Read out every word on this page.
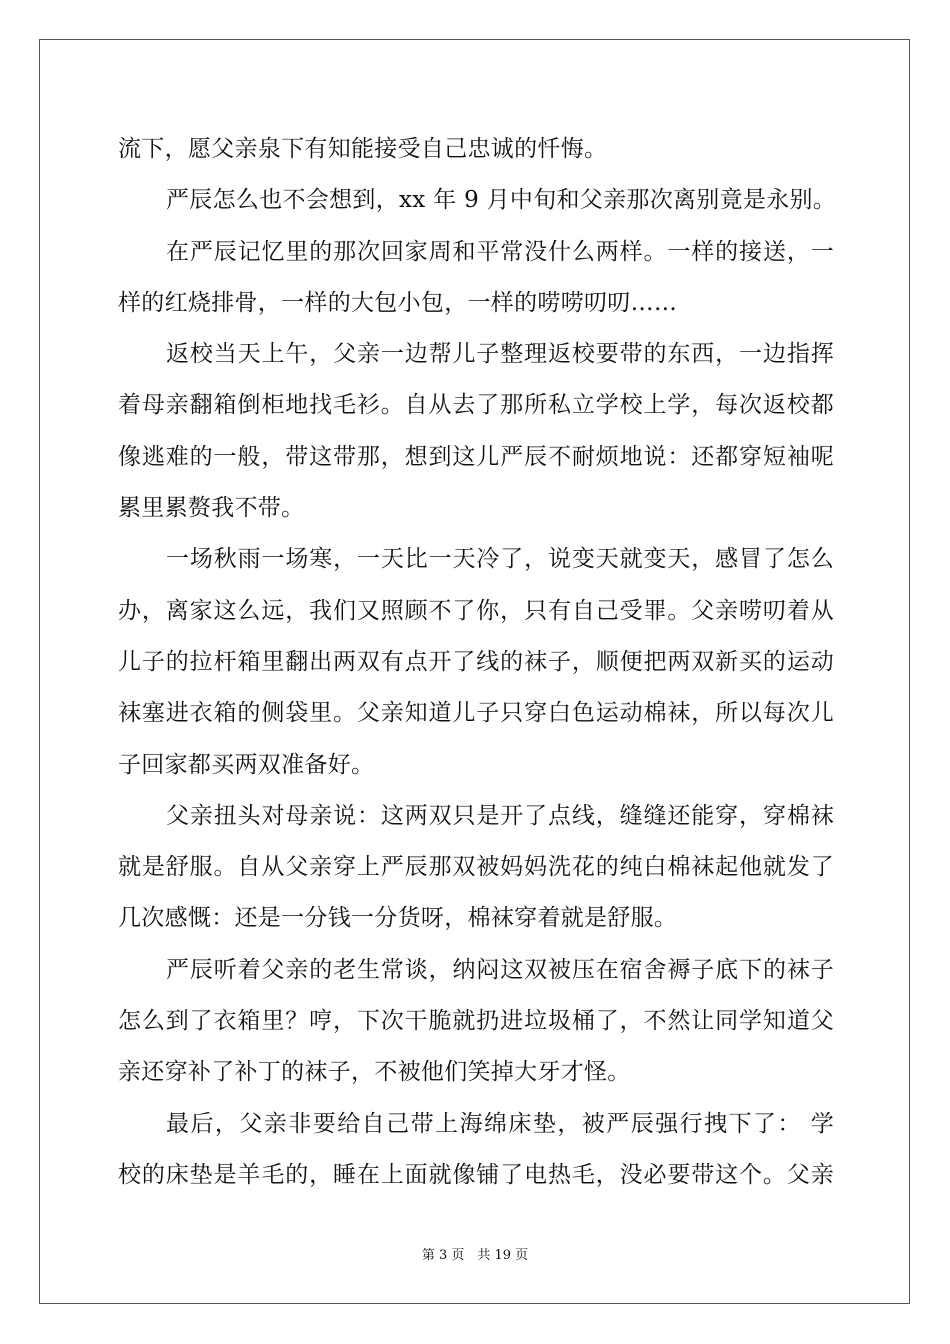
流下，愿父亲泉下有知能接受自己忠诚的忏悔。
严辰怎么也不会想到，xx 年 9 月中旬和父亲那次离别竟是永别。
在严辰记忆里的那次回家周和平常没什么两样。一样的接送，一
样的红烧排骨，一样的大包小包，一样的唠唠叨叨……
返校当天上午，父亲一边帮儿子整理返校要带的东西，一边指挥
着母亲翻箱倒柜地找毛衫。自从去了那所私立学校上学，每次返校都
像逃难的一般，带这带那，想到这儿严辰不耐烦地说：还都穿短袖呢
累里累赘我不带。
一场秋雨一场寒，一天比一天冷了，说变天就变天，感冒了怎么
办，离家这么远，我们又照顾不了你，只有自己受罪。父亲唠叨着从
儿子的拉杆箱里翻出两双有点开了线的袜子，顺便把两双新买的运动
袜塞进衣箱的侧袋里。父亲知道儿子只穿白色运动棉袜，所以每次儿
子回家都买两双准备好。
父亲扭头对母亲说：这两双只是开了点线，缝缝还能穿，穿棉袜
就是舒服。自从父亲穿上严辰那双被妈妈洗花的纯白棉袜起他就发了
几次感慨：还是一分钱一分货呀，棉袜穿着就是舒服。
严辰听着父亲的老生常谈，纳闷这双被压在宿舍褥子底下的袜子
怎么到了衣箱里？哼，下次干脆就扔进垃圾桶了，不然让同学知道父
亲还穿补了补丁的袜子，不被他们笑掉大牙才怪。
最后，父亲非要给自己带上海绵床垫，被严辰强行拽下了： 学
校的床垫是羊毛的，睡在上面就像铺了电热毛，没必要带这个。父亲
第 3 页　共 19 页
